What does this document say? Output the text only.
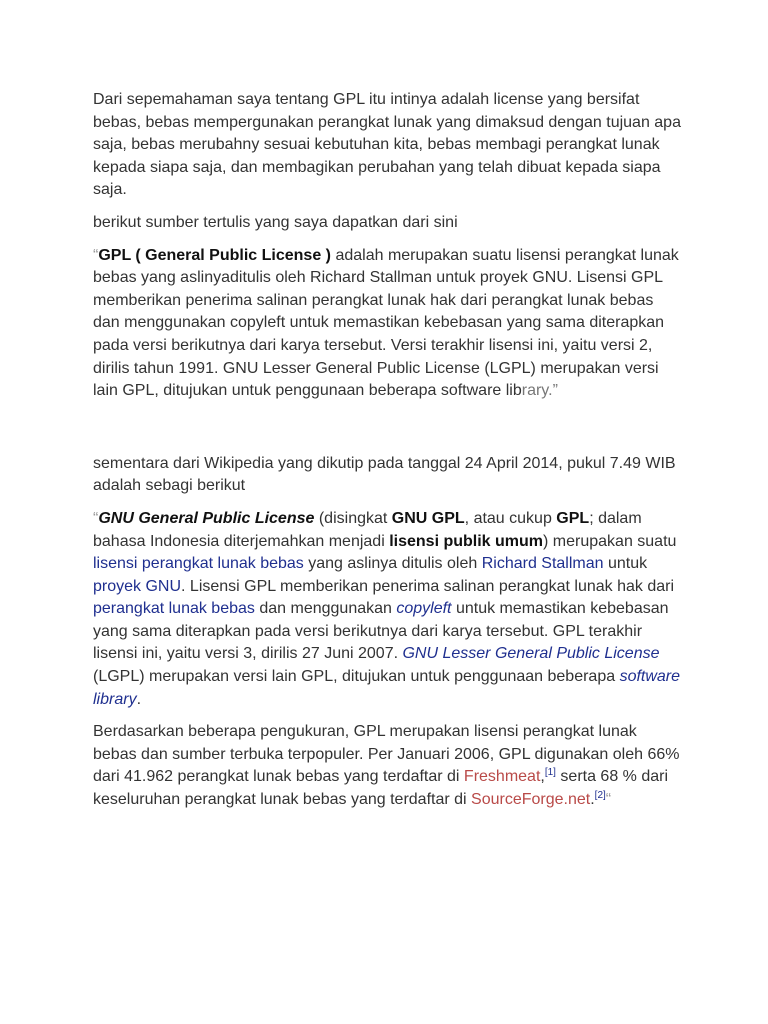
Dari sepemahaman saya tentang GPL itu intinya adalah license yang bersifat bebas, bebas mempergunakan perangkat lunak yang dimaksud dengan tujuan apa saja, bebas merubahny sesuai kebutuhan kita, bebas membagi perangkat lunak kepada siapa saja, dan membagikan perubahan yang telah dibuat kepada siapa saja.

berikut sumber tertulis yang saya dapatkan dari sini

“GPL ( General Public License ) adalah merupakan suatu lisensi perangkat lunak bebas yang aslinyaditulis oleh Richard Stallman untuk proyek GNU. Lisensi GPL memberikan penerima salinan perangkat lunak hak dari perangkat lunak bebas dan menggunakan copyleft untuk memastikan kebebasan yang sama diterapkan pada versi berikutnya dari karya tersebut. Versi terakhir lisensi ini, yaitu versi 2, dirilis tahun 1991. GNU Lesser General Public License (LGPL) merupakan versi lain GPL, ditujukan untuk penggunaan beberapa software library.”

sementara dari Wikipedia yang dikutip pada tanggal 24 April 2014, pukul 7.49 WIB adalah sebagi berikut

“GNU General Public License (disingkat GNU GPL, atau cukup GPL; dalam bahasa Indonesia diterjemahkan menjadi lisensi publik umum) merupakan suatu lisensi perangkat lunak bebas yang aslinya ditulis oleh Richard Stallman untuk proyek GNU. Lisensi GPL memberikan penerima salinan perangkat lunak hak dari perangkat lunak bebas dan menggunakan copyleft untuk memastikan kebebasan yang sama diterapkan pada versi berikutnya dari karya tersebut. GPL terakhir lisensi ini, yaitu versi 3, dirilis 27 Juni 2007. GNU Lesser General Public License (LGPL) merupakan versi lain GPL, ditujukan untuk penggunaan beberapa software library.

Berdasarkan beberapa pengukuran, GPL merupakan lisensi perangkat lunak bebas dan sumber terbuka terpopuler. Per Januari 2006, GPL digunakan oleh 66% dari 41.962 perangkat lunak bebas yang terdaftar di Freshmeat,[1] serta 68 % dari keseluruhan perangkat lunak bebas yang terdaftar di SourceForge.net.[2]“
